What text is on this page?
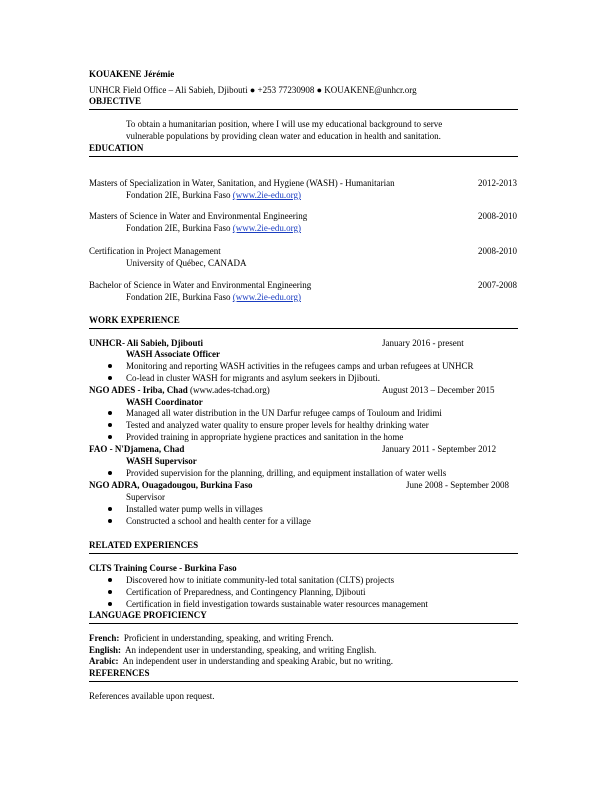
KOUAKENE Jérémie
UNHCR Field Office – Ali Sabieh, Djibouti ● +253 77230908 ● KOUAKENE@unhcr.org
OBJECTIVE
To obtain a humanitarian position, where I will use my educational background to serve
vulnerable populations by providing clean water and education in health and sanitation.
EDUCATION
Masters of Specialization in Water, Sanitation, and Hygiene (WASH) - Humanitarian	2012-2013
Fondation 2IE, Burkina Faso (www.2ie-edu.org)
Masters of Science in Water and Environmental Engineering	2008-2010
Fondation 2IE, Burkina Faso (www.2ie-edu.org)
Certification in Project Management	2008-2010
University of Québec, CANADA
Bachelor of Science in Water and Environmental Engineering	2007-2008
Fondation 2IE, Burkina Faso (www.2ie-edu.org)
WORK EXPERIENCE
UNHCR- Ali Sabieh, Djibouti	January 2016 - present
WASH Associate Officer
Monitoring and reporting WASH activities in the refugees camps and urban refugees at UNHCR
Co-lead in cluster WASH for migrants and asylum seekers in Djibouti.
NGO ADES - Iriba, Chad (www.ades-tchad.org)	August 2013 – December 2015
WASH Coordinator
Managed all water distribution in the UN Darfur refugee camps of Touloum and Iridimi
Tested and analyzed water quality to ensure proper levels for healthy drinking water
Provided training in appropriate hygiene practices and sanitation in the home
FAO - N'Djamena, Chad	January 2011 - September 2012
WASH Supervisor
Provided supervision for the planning, drilling, and equipment installation of water wells
NGO ADRA, Ouagadougou, Burkina Faso	June 2008 - September 2008
Supervisor
Installed water pump wells in villages
Constructed a school and health center for a village
RELATED EXPERIENCES
CLTS Training Course - Burkina Faso
Discovered how to initiate community-led total sanitation (CLTS) projects
Certification of Preparedness, and Contingency Planning, Djibouti
Certification in field investigation towards sustainable water resources management
LANGUAGE PROFICIENCY
French: Proficient in understanding, speaking, and writing French.
English: An independent user in understanding, speaking, and writing English.
Arabic: An independent user in understanding and speaking Arabic, but no writing.
REFERENCES
References available upon request.
